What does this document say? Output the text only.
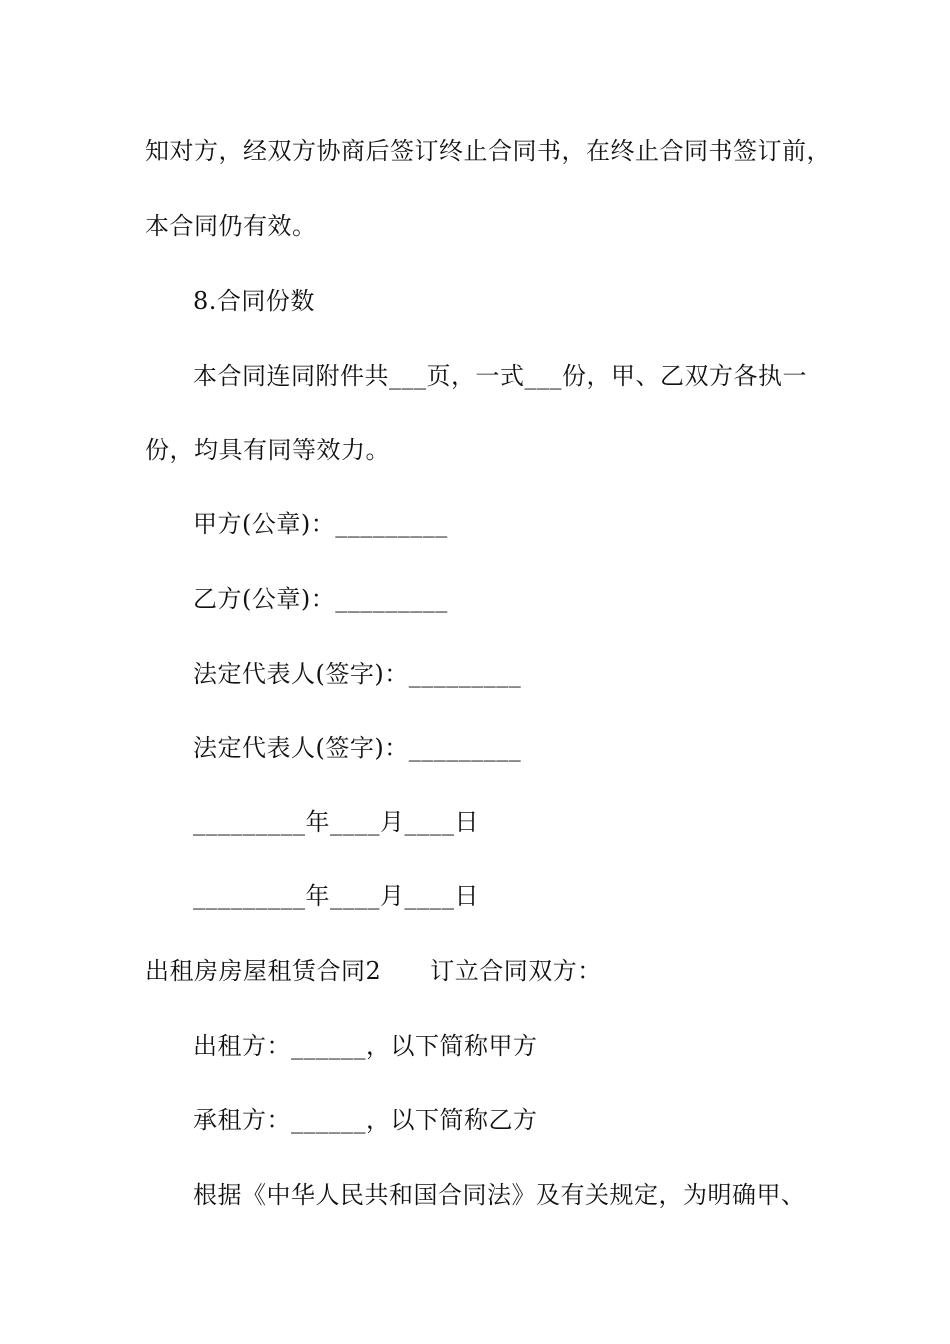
知对方，经双方协商后签订终止合同书，在终止合同书签订前，
本合同仍有效。
8.合同份数
本合同连同附件共___页，一式___份，甲、乙双方各执一
份，均具有同等效力。
甲方(公章)：_________
乙方(公章)：_________
法定代表人(签字)：_________
法定代表人(签字)：_________
_________年____月____日
_________年____月____日
出租房房屋租赁合同2　　订立合同双方：
出租方：______，以下简称甲方
承租方：______，以下简称乙方
根据《中华人民共和国合同法》及有关规定，为明确甲、
